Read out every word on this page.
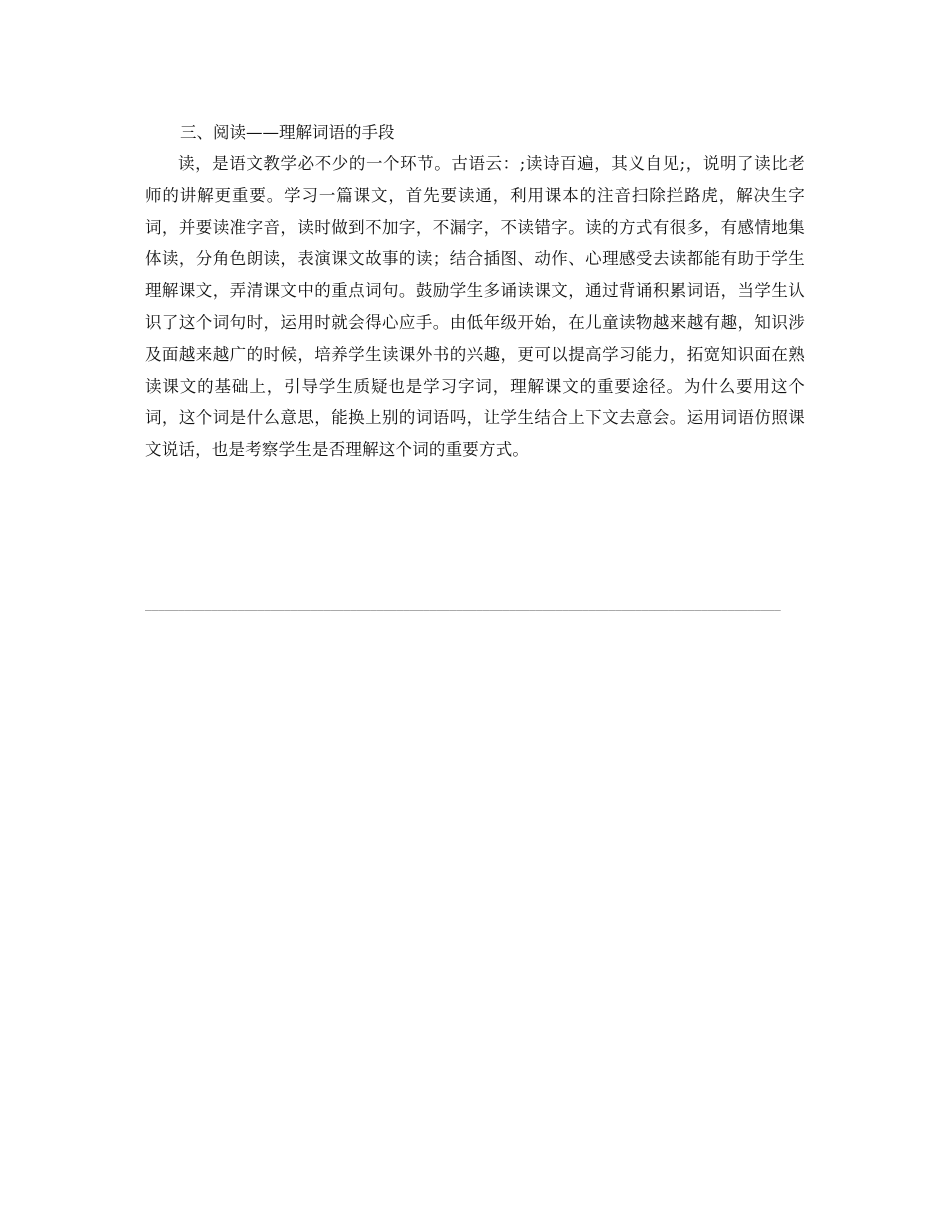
三、阅读——理解词语的手段

读，是语文教学必不少的一个环节。古语云：;读诗百遍，其义自见;，说明了读比老师的讲解更重要。学习一篇课文，首先要读通，利用课本的注音扫除拦路虎，解决生字词，并要读准字音，读时做到不加字，不漏字，不读错字。读的方式有很多，有感情地集体读，分角色朗读，表演课文故事的读；结合插图、动作、心理感受去读都能有助于学生理解课文，弄清课文中的重点词句。鼓励学生多诵读课文，通过背诵积累词语，当学生认识了这个词句时，运用时就会得心应手。由低年级开始，在儿童读物越来越有趣，知识涉及面越来越广的时候，培养学生读课外书的兴趣，更可以提高学习能力，拓宽知识面在熟读课文的基础上，引导学生质疑也是学习字词，理解课文的重要途径。为什么要用这个词，这个词是什么意思，能换上别的词语吗，让学生结合上下文去意会。运用词语仿照课文说话，也是考察学生是否理解这个词的重要方式。

________________________________________________________________________________________________
